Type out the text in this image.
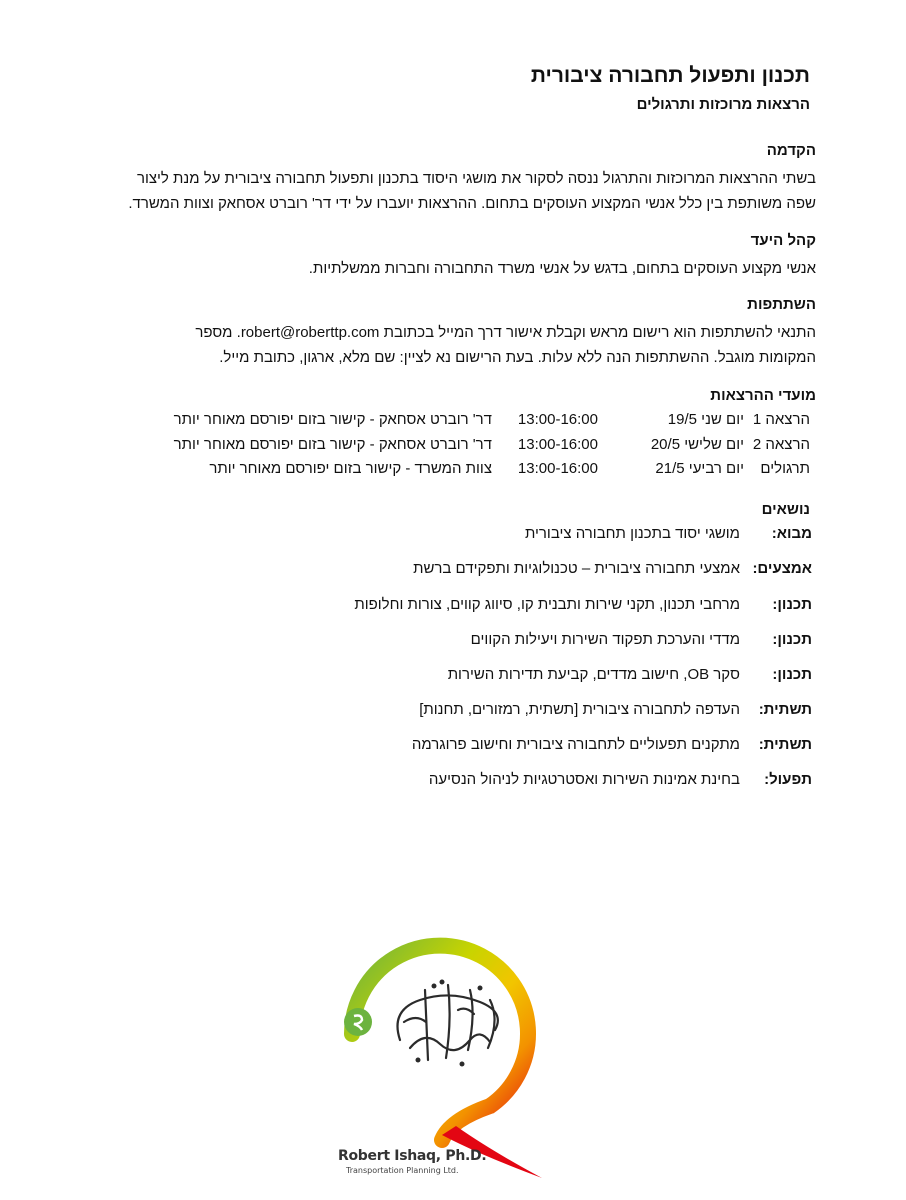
תכנון ותפעול תחבורה ציבורית
הרצאות מרוכזות ותרגולים

הקדמה

בשתי ההרצאות המרוכזות והתרגול ננסה לסקור את מושגי היסוד בתכנון ותפעול תחבורה ציבורית על מנת ליצור

שפה משותפת בין כלל אנשי המקצוע העוסקים בתחום. ההרצאות יועברו על ידי דר' רוברט אסחאק וצוות המשרד.

קהל היעד

אנשי מקצוע העוסקים בתחום, בדגש על אנשי משרד התחבורה וחברות ממשלתיות.

השתתפות

התנאי להשתתפות הוא רישום מראש וקבלת אישור דרך המייל בכתובת robert@roberttp.com. מספר

המקומות מוגבל. ההשתתפות הנה ללא עלות. בעת הרישום נא לציין: שם מלא, ארגון, כתובת מייל.

מועדי ההרצאות

הרצאה 1
יום שני 19/5
13:00-16:00
דר' רוברט אסחאק - קישור בזום יפורסם מאוחר יותר
הרצאה 2
יום שלישי 20/5
13:00-16:00
דר' רוברט אסחאק - קישור בזום יפורסם מאוחר יותר
תרגולים
יום רביעי 21/5
13:00-16:00
צוות המשרד - קישור בזום יפורסם מאוחר יותר

נושאים

מבוא:
מושגי יסוד בתכנון תחבורה ציבורית
אמצעים:
אמצעי תחבורה ציבורית – טכנולוגיות ותפקידם ברשת
תכנון:
מרחבי תכנון, תקני שירות ותבנית קו, סיווג קווים, צורות וחלופות
תכנון:
מדדי והערכת תפקוד השירות ויעילות הקווים
תכנון:
סקר OB, חישוב מדדים, קביעת תדירות השירות
תשתית:
העדפה לתחבורה ציבורית [תשתית, רמזורים, תחנות]
תשתית:
מתקנים תפעוליים לתחבורה ציבורית וחישוב פרוגרמה
תפעול:
בחינת אמינות השירות ואסטרטגיות לניהול הנסיעה

Robert Ishaq, Ph.D.

Transportation Planning Ltd.
